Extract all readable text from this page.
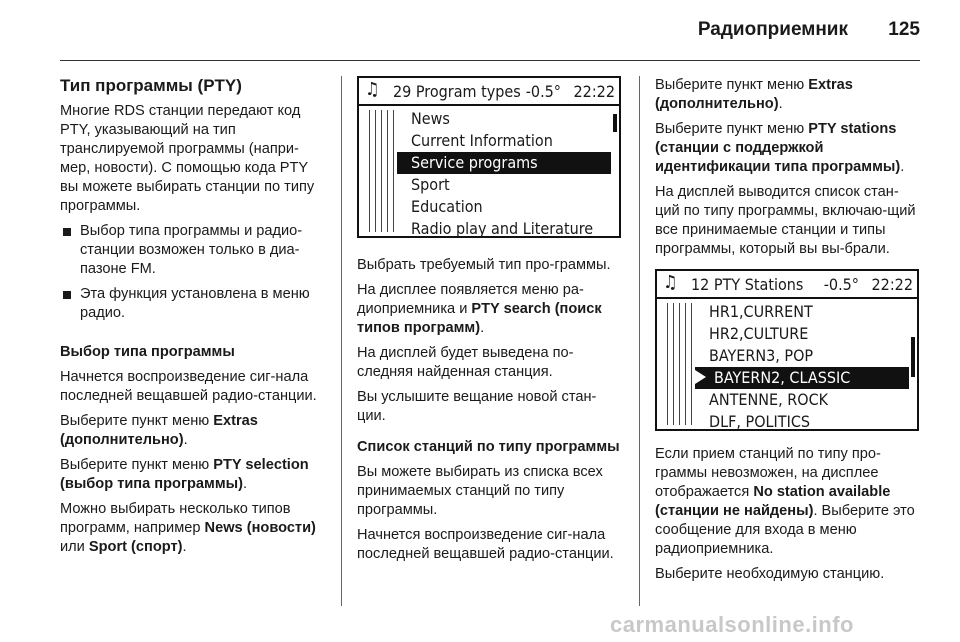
Радиоприемник 125

Тип программы (PTY)

Многие RDS станции передают код PTY, указывающий на тип транслируемой программы (напри-мер, новости). С помощью кода PTY вы можете выбирать станции по типу программы.

Выбор типа программы и радио-станции возможен только в диа-пазоне FM.

Эта функция установлена в меню радио.

Выбор типа программы

Начнется воспроизведение сиг-нала последней вещавшей радио-станции.

Выберите пункт меню Extras (дополнительно).

Выберите пункт меню PTY selection (выбор типа программы).

Можно выбирать несколько типов программ, например News (новости) или Sport (спорт).

♫ 29 Program types -0.5° 22:22
News
Current Information
Service programs
Sport
Education
Radio play and Literature

Выбрать требуемый тип про-граммы.

На дисплее появляется меню ра-диоприемника и PTY search (поиск типов программ).

На дисплей будет выведена по-следняя найденная станция.

Вы услышите вещание новой стан-ции.

Список станций по типу программы

Вы можете выбирать из списка всех принимаемых станций по типу программы.

Начнется воспроизведение сиг-нала последней вещавшей радио-станции.

Выберите пункт меню Extras (дополнительно).

Выберите пункт меню PTY stations (станции с поддержкой идентификации типа программы).

На дисплей выводится список стан-ций по типу программы, включаю-щий все принимаемые станции и типы программы, который вы вы-брали.

♫ 12 PTY Stations -0.5° 22:22
HR1,CURRENT
HR2,CULTURE
BAYERN3, POP
BAYERN2, CLASSIC
ANTENNE, ROCK
DLF, POLITICS

Если прием станций по типу про-граммы невозможен, на дисплее отображается No station available (станции не найдены). Выберите это сообщение для входа в меню радиоприемника.

Выберите необходимую станцию.

carmanualsonline.info
